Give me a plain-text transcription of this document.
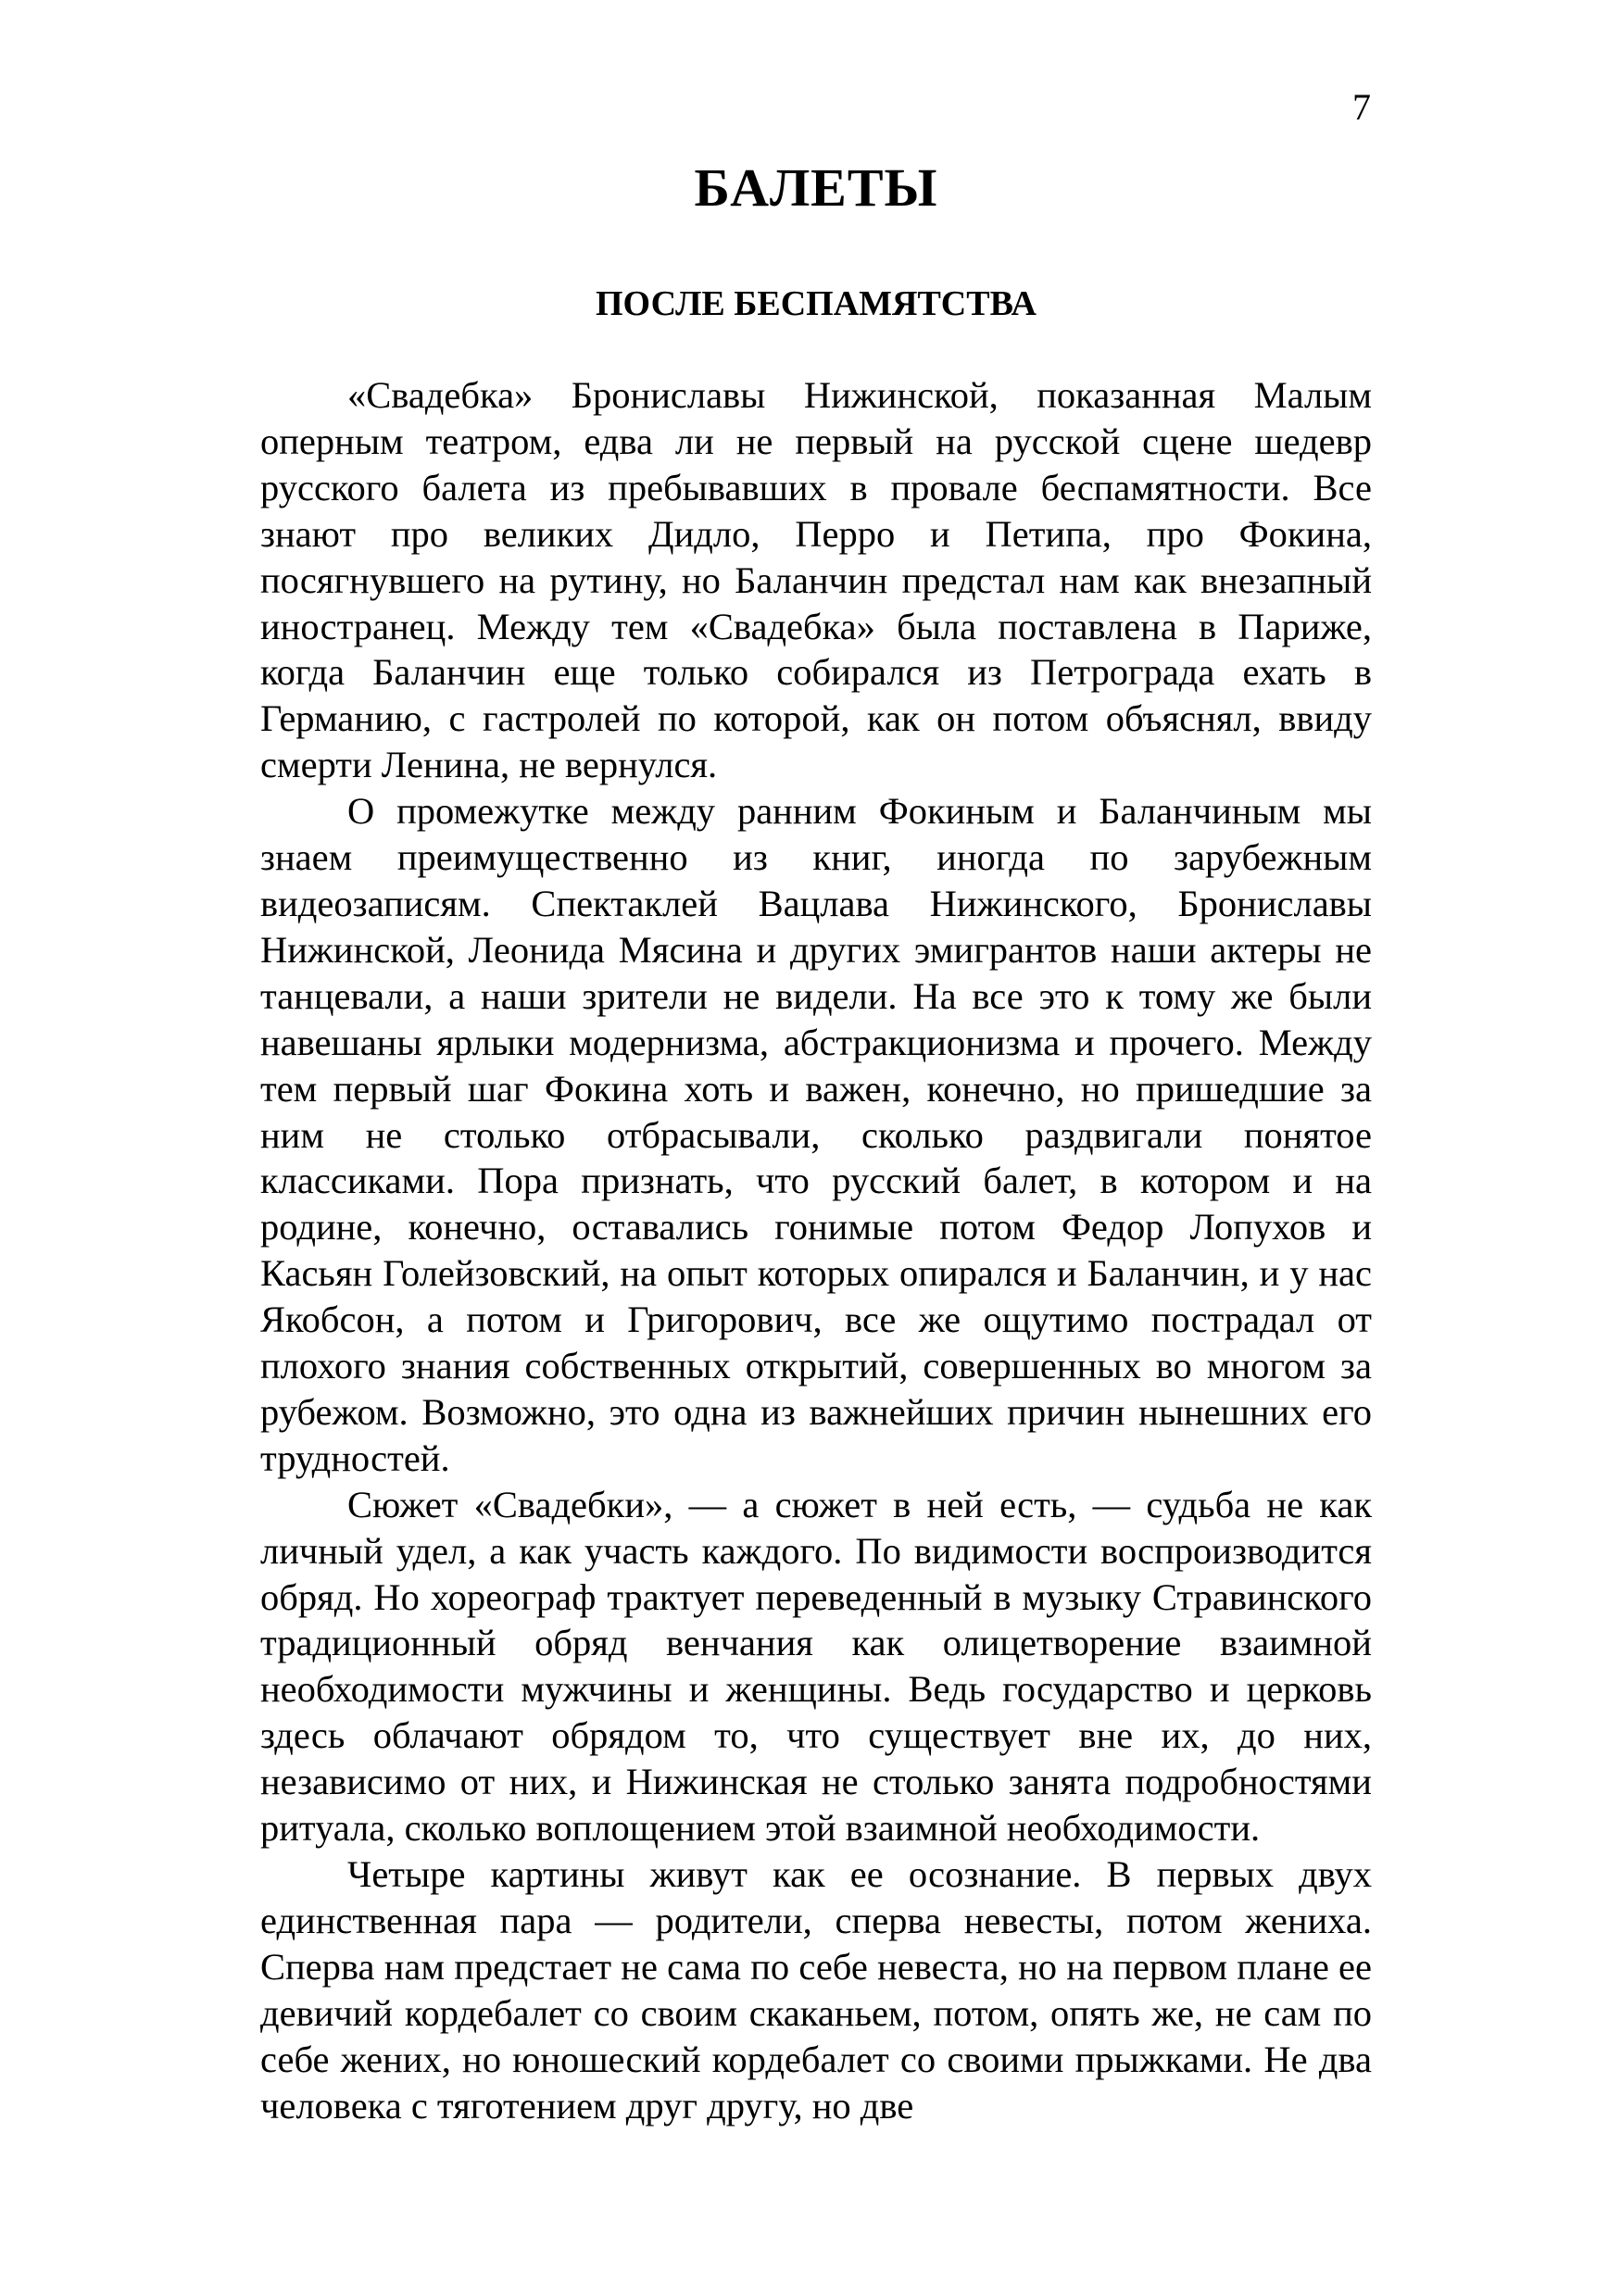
7
БАЛЕТЫ
ПОСЛЕ БЕСПАМЯТСТВА

«Свадебка» Брониславы Нижинской, показанная Малым оперным театром, едва ли не первый на русской сцене шедевр русского балета из пребывавших в провале беспамятности. Все знают про великих Дидло, Перро и Петипа, про Фокина, посягнувшего на рутину, но Баланчин предстал нам как внезапный иностранец. Между тем «Свадебка» была поставлена в Париже, когда Баланчин еще только собирался из Петрограда ехать в Германию, с гастролей по которой, как он потом объяснял, ввиду смерти Ленина, не вернулся.

О промежутке между ранним Фокиным и Баланчиным мы знаем преимущественно из книг, иногда по зарубежным видеозаписям. Спектаклей Вацлава Нижинского, Брониславы Нижинской, Леонида Мясина и других эмигрантов наши актеры не танцевали, а наши зрители не видели. На все это к тому же были навешаны ярлыки модернизма, абстракционизма и прочего. Между тем первый шаг Фокина хоть и важен, конечно, но пришедшие за ним не столько отбрасывали, сколько раздвигали понятое классиками. Пора признать, что русский балет, в котором и на родине, конечно, оставались гонимые потом Федор Лопухов и Касьян Голейзовский, на опыт которых опирался и Баланчин, и у нас Якобсон, а потом и Григорович, все же ощутимо пострадал от плохого знания собственных открытий, совершенных во многом за рубежом. Возможно, это одна из важнейших причин нынешних его трудностей.

Сюжет «Свадебки», — а сюжет в ней есть, — судьба не как личный удел, а как участь каждого. По видимости воспроизводится обряд. Но хореограф трактует переведенный в музыку Стравинского традиционный обряд венчания как олицетворение взаимной необходимости мужчины и женщины. Ведь государство и церковь здесь облачают обрядом то, что существует вне их, до них, независимо от них, и Нижинская не столько занята подробностями ритуала, сколько воплощением этой взаимной необходимости.

Четыре картины живут как ее осознание. В первых двух единственная пара — родители, сперва невесты, потом жениха. Сперва нам предстает не сама по себе невеста, но на первом плане ее девичий кордебалет со своим скаканьем, потом, опять же, не сам по себе жених, но юношеский кордебалет со своими прыжками. Не два человека с тяготением друг другу, но две
